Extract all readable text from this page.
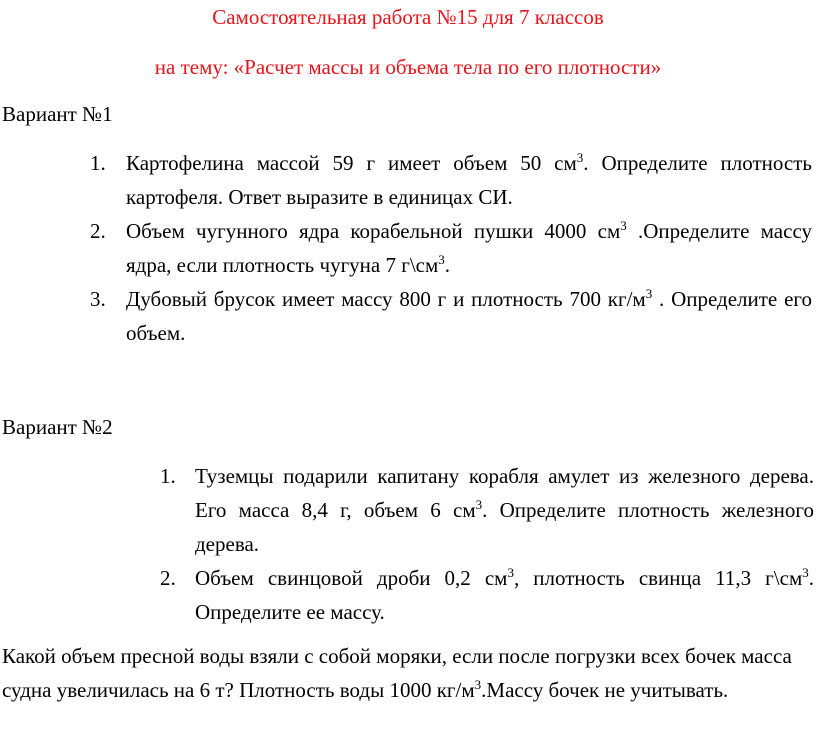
Самостоятельная работа №15 для 7 классов
на тему: «Расчет массы и объема тела по его плотности»
Вариант №1
1. Картофелина массой 59 г имеет объем 50 $см^3$. Определите плотность картофеля. Ответ выразите в единицах СИ.
2. Объем чугунного ядра корабельной пушки 4000 $см^3$ .Определите массу ядра, если плотность чугуна 7 $г\backslash см^3$.
3. Дубовый брусок имеет массу 800 г и плотность 700 $кг/м^3$ . Определите его объем.
Вариант №2
1. Туземцы подарили капитану корабля амулет из железного дерева. Его масса 8,4 г, объем 6 $см^3$. Определите плотность железного дерева.
2. Объем свинцовой дроби 0,2 $см^3$, плотность свинца 11,3 $г\backslash см^3$. Определите ее массу.

Какой объем пресной воды взяли с собой моряки, если после погрузки всех бочек масса судна увеличилась на 6 т? Плотность воды 1000 $кг/м^3.Массу$ бочек не учитывать.
